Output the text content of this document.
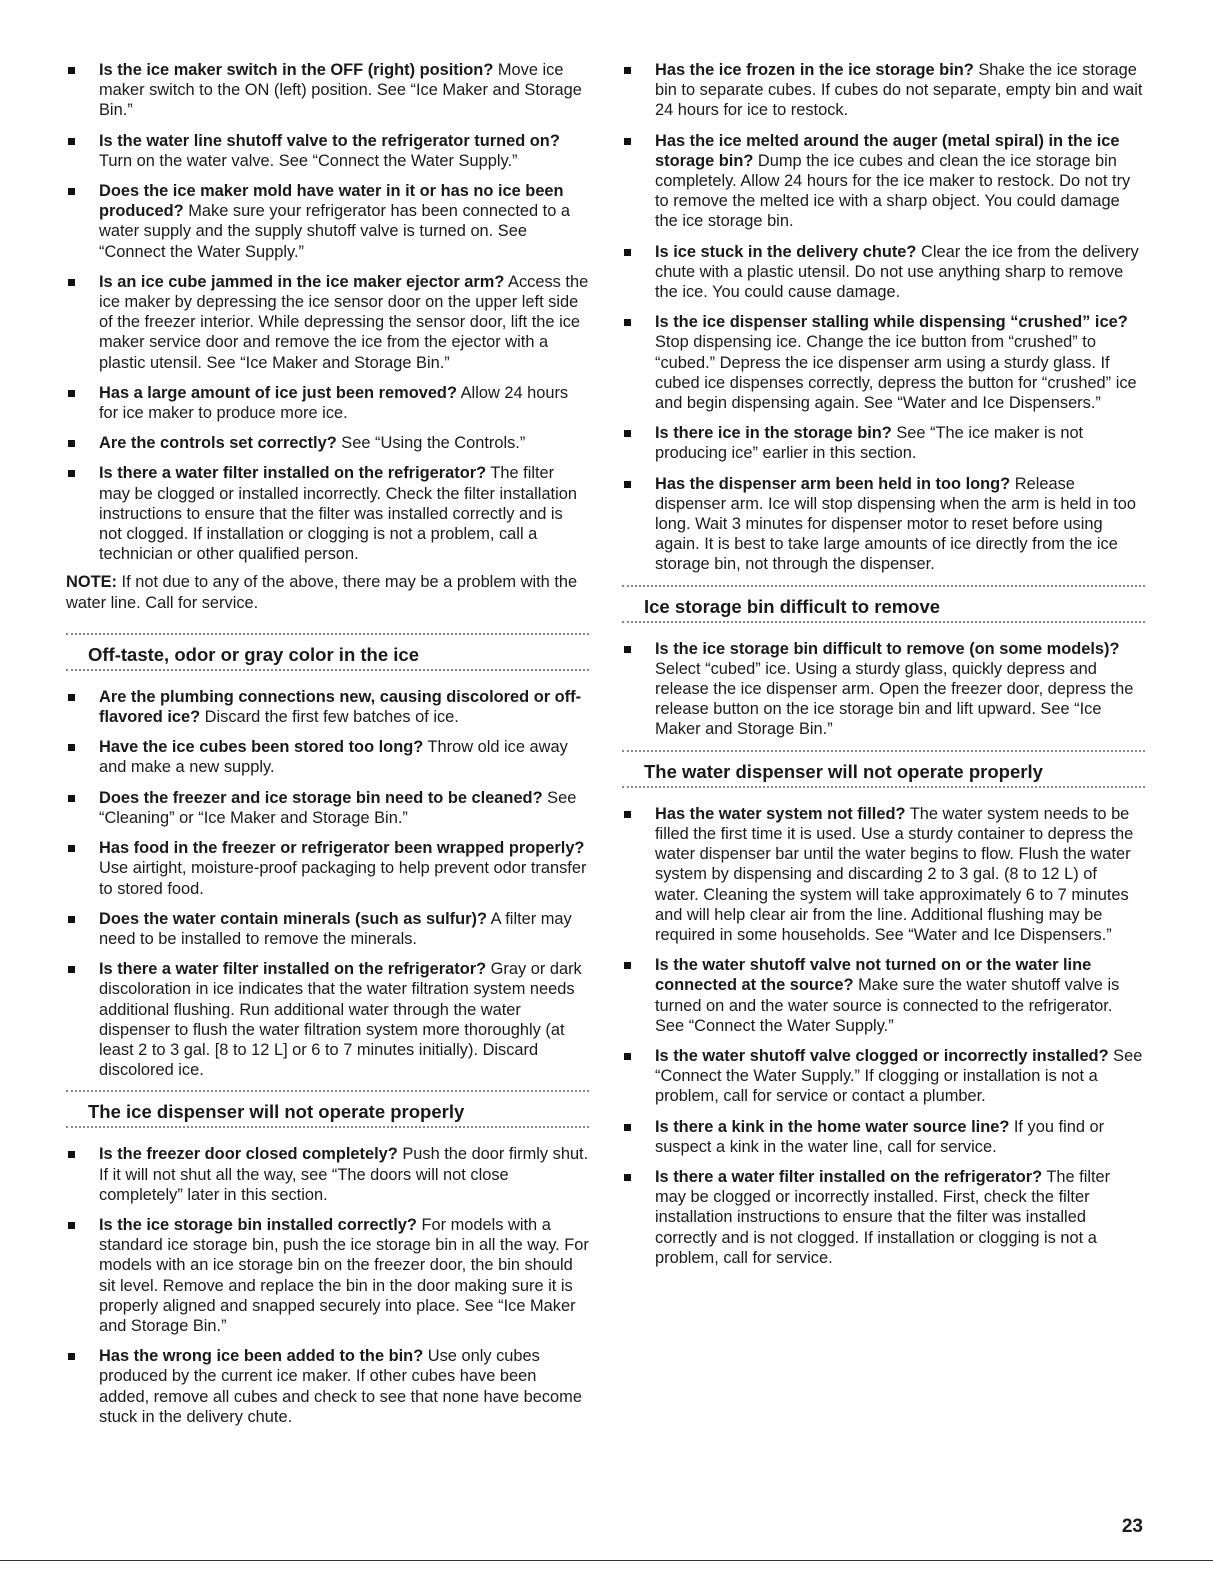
Is the ice maker switch in the OFF (right) position? Move ice maker switch to the ON (left) position. See “Ice Maker and Storage Bin.”
Is the water line shutoff valve to the refrigerator turned on? Turn on the water valve. See “Connect the Water Supply.”
Does the ice maker mold have water in it or has no ice been produced? Make sure your refrigerator has been connected to a water supply and the supply shutoff valve is turned on. See “Connect the Water Supply.”
Is an ice cube jammed in the ice maker ejector arm? Access the ice maker by depressing the ice sensor door on the upper left side of the freezer interior. While depressing the sensor door, lift the ice maker service door and remove the ice from the ejector with a plastic utensil. See “Ice Maker and Storage Bin.”
Has a large amount of ice just been removed? Allow 24 hours for ice maker to produce more ice.
Are the controls set correctly? See “Using the Controls.”
Is there a water filter installed on the refrigerator? The filter may be clogged or installed incorrectly. Check the filter installation instructions to ensure that the filter was installed correctly and is not clogged. If installation or clogging is not a problem, call a technician or other qualified person.

NOTE: If not due to any of the above, there may be a problem with the water line. Call for service.

Off-taste, odor or gray color in the ice
Are the plumbing connections new, causing discolored or off-flavored ice? Discard the first few batches of ice.
Have the ice cubes been stored too long? Throw old ice away and make a new supply.
Does the freezer and ice storage bin need to be cleaned? See “Cleaning” or “Ice Maker and Storage Bin.”
Has food in the freezer or refrigerator been wrapped properly? Use airtight, moisture-proof packaging to help prevent odor transfer to stored food.
Does the water contain minerals (such as sulfur)? A filter may need to be installed to remove the minerals.
Is there a water filter installed on the refrigerator? Gray or dark discoloration in ice indicates that the water filtration system needs additional flushing. Run additional water through the water dispenser to flush the water filtration system more thoroughly (at least 2 to 3 gal. [8 to 12 L] or 6 to 7 minutes initially). Discard discolored ice.
The ice dispenser will not operate properly
Is the freezer door closed completely? Push the door firmly shut. If it will not shut all the way, see “The doors will not close completely” later in this section.
Is the ice storage bin installed correctly? For models with a standard ice storage bin, push the ice storage bin in all the way. For models with an ice storage bin on the freezer door, the bin should sit level. Remove and replace the bin in the door making sure it is properly aligned and snapped securely into place. See “Ice Maker and Storage Bin.”
Has the wrong ice been added to the bin? Use only cubes produced by the current ice maker. If other cubes have been added, remove all cubes and check to see that none have become stuck in the delivery chute.
Has the ice frozen in the ice storage bin? Shake the ice storage bin to separate cubes. If cubes do not separate, empty bin and wait 24 hours for ice to restock.
Has the ice melted around the auger (metal spiral) in the ice storage bin? Dump the ice cubes and clean the ice storage bin completely. Allow 24 hours for the ice maker to restock. Do not try to remove the melted ice with a sharp object. You could damage the ice storage bin.
Is ice stuck in the delivery chute? Clear the ice from the delivery chute with a plastic utensil. Do not use anything sharp to remove the ice. You could cause damage.
Is the ice dispenser stalling while dispensing “crushed” ice? Stop dispensing ice. Change the ice button from “crushed” to “cubed.” Depress the ice dispenser arm using a sturdy glass. If cubed ice dispenses correctly, depress the button for “crushed” ice and begin dispensing again. See “Water and Ice Dispensers.”
Is there ice in the storage bin? See “The ice maker is not producing ice” earlier in this section.
Has the dispenser arm been held in too long? Release dispenser arm. Ice will stop dispensing when the arm is held in too long. Wait 3 minutes for dispenser motor to reset before using again. It is best to take large amounts of ice directly from the ice storage bin, not through the dispenser.
Ice storage bin difficult to remove
Is the ice storage bin difficult to remove (on some models)? Select “cubed” ice. Using a sturdy glass, quickly depress and release the ice dispenser arm. Open the freezer door, depress the release button on the ice storage bin and lift upward. See “Ice Maker and Storage Bin.”
The water dispenser will not operate properly
Has the water system not filled? The water system needs to be filled the first time it is used. Use a sturdy container to depress the water dispenser bar until the water begins to flow. Flush the water system by dispensing and discarding 2 to 3 gal. (8 to 12 L) of water. Cleaning the system will take approximately 6 to 7 minutes and will help clear air from the line. Additional flushing may be required in some households. See “Water and Ice Dispensers.”
Is the water shutoff valve not turned on or the water line connected at the source? Make sure the water shutoff valve is turned on and the water source is connected to the refrigerator. See “Connect the Water Supply.”
Is the water shutoff valve clogged or incorrectly installed? See “Connect the Water Supply.” If clogging or installation is not a problem, call for service or contact a plumber.
Is there a kink in the home water source line? If you find or suspect a kink in the water line, call for service.
Is there a water filter installed on the refrigerator? The filter may be clogged or incorrectly installed. First, check the filter installation instructions to ensure that the filter was installed correctly and is not clogged. If installation or clogging is not a problem, call for service.
23
